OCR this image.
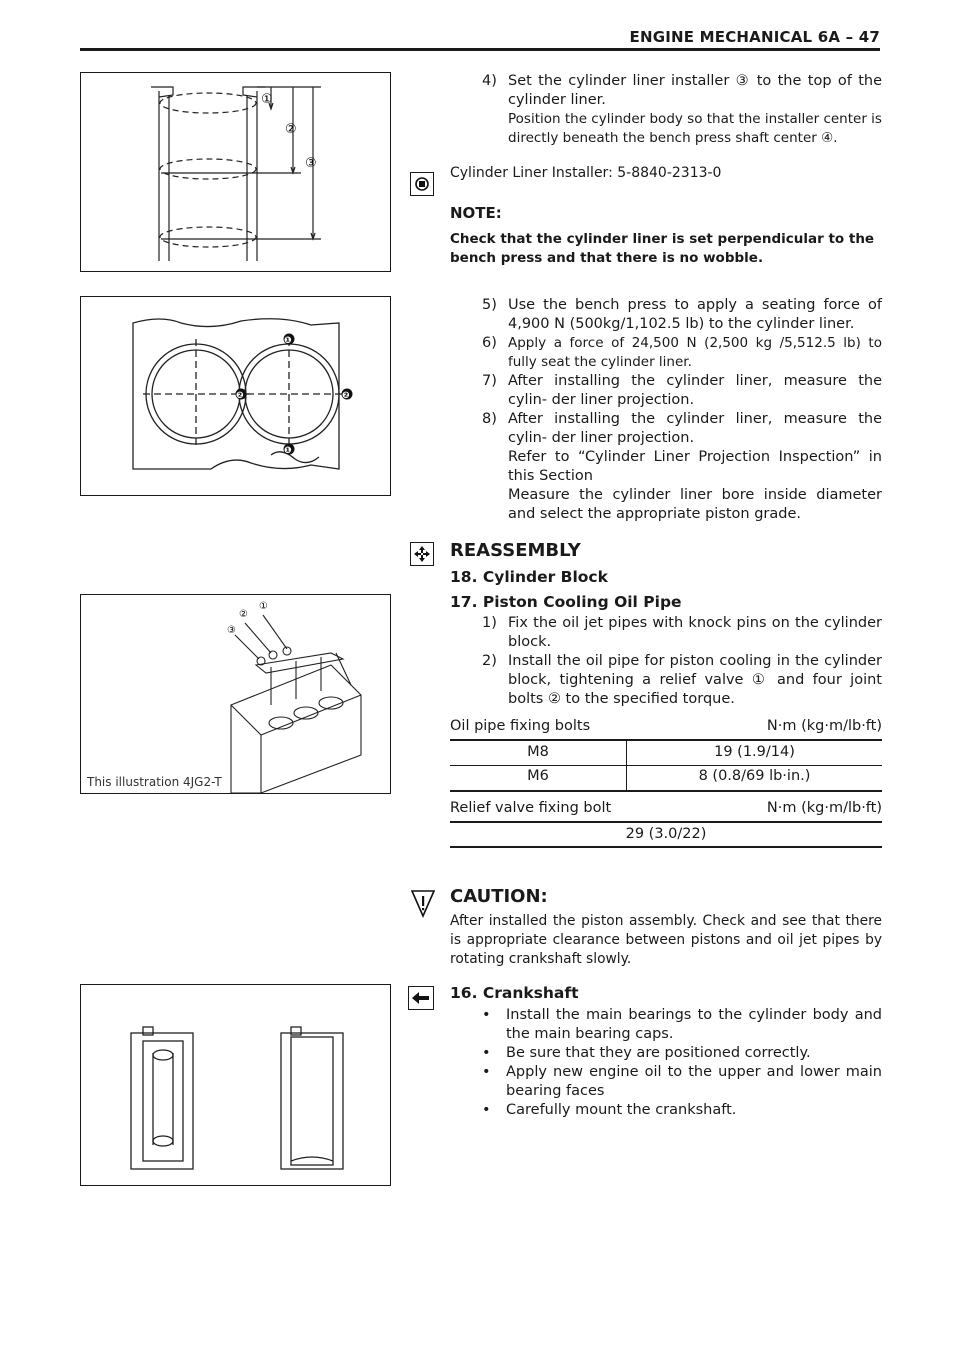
ENGINE MECHANICAL 6A – 47
①
②
③
❶
❷	❷
❶
①
②
③
This illustration 4JG2-T
4) Set the cylinder liner installer ③ to the top of the cylinder liner.
Position the cylinder body so that the installer center is directly beneath the bench press shaft center ④.
Cylinder Liner Installer: 5-8840-2313-0
NOTE:
Check that the cylinder liner is set perpendicular to the bench press and that there is no wobble.
5) Use the bench press to apply a seating force of 4,900 N (500kg/1,102.5 lb) to the cylinder liner.
6) Apply a force of 24,500 N (2,500 kg /5,512.5 lb) to fully seat the cylinder liner.
7) After installing the cylinder liner, measure the cylin- der liner projection.
8) After installing the cylinder liner, measure the cylin- der liner projection.
Refer to “Cylinder Liner Projection Inspection” in this Section
Measure the cylinder liner bore inside diameter and select the appropriate piston grade.
REASSEMBLY
18. Cylinder Block
17. Piston Cooling Oil Pipe
1) Fix the oil jet pipes with knock pins on the cylinder block.
2) Install the oil pipe for piston cooling in the cylinder block, tightening a relief valve ① and four joint bolts ② to the specified torque.
Oil pipe fixing bolts	N·m (kg·m/lb·ft)
M8	19 (1.9/14)
M6	8 (0.8/69 lb·in.)
Relief valve fixing bolt	N·m (kg·m/lb·ft)
29 (3.0/22)
CAUTION:
After installed the piston assembly. Check and see that there is appropriate clearance between pistons and oil jet pipes by rotating crankshaft slowly.
16. Crankshaft
• Install the main bearings to the cylinder body and the main bearing caps.
• Be sure that they are positioned correctly.
• Apply new engine oil to the upper and lower main bearing faces
• Carefully mount the crankshaft.
